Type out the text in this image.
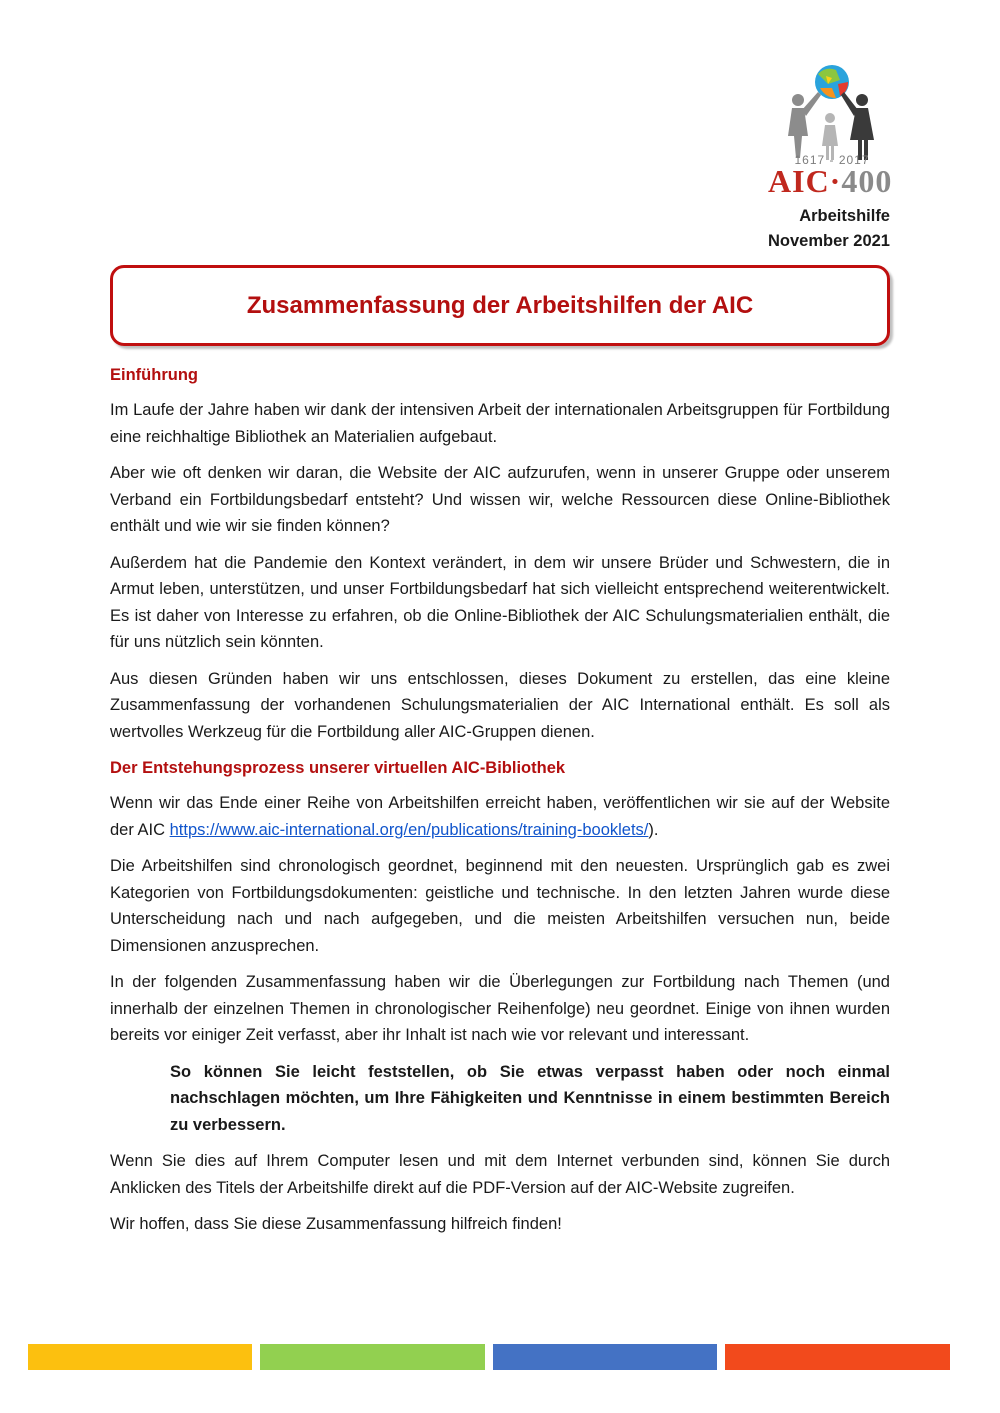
1617 - 2017
AIC·400
Arbeitshilfe
November 2021
Zusammenfassung der Arbeitshilfen der AIC
Einführung

Im Laufe der Jahre haben wir dank der intensiven Arbeit der internationalen Arbeitsgruppen für Fortbildung eine reichhaltige Bibliothek an Materialien aufgebaut.

Aber wie oft denken wir daran, die Website der AIC aufzurufen, wenn in unserer Gruppe oder unserem Verband ein Fortbildungsbedarf entsteht? Und wissen wir, welche Ressourcen diese Online-Bibliothek enthält und wie wir sie finden können?

Außerdem hat die Pandemie den Kontext verändert, in dem wir unsere Brüder und Schwestern, die in Armut leben, unterstützen, und unser Fortbildungsbedarf hat sich vielleicht entsprechend weiterentwickelt. Es ist daher von Interesse zu erfahren, ob die Online-Bibliothek der AIC Schulungsmaterialien enthält, die für uns nützlich sein könnten.

Aus diesen Gründen haben wir uns entschlossen, dieses Dokument zu erstellen, das eine kleine Zusammenfassung der vorhandenen Schulungsmaterialien der AIC International enthält. Es soll als wertvolles Werkzeug für die Fortbildung aller AIC-Gruppen dienen.

Der Entstehungsprozess unserer virtuellen AIC-Bibliothek

Wenn wir das Ende einer Reihe von Arbeitshilfen erreicht haben, veröffentlichen wir sie auf der Website der AIC https://www.aic-international.org/en/publications/training-booklets/).

Die Arbeitshilfen sind chronologisch geordnet, beginnend mit den neuesten. Ursprünglich gab es zwei Kategorien von Fortbildungsdokumenten: geistliche und technische. In den letzten Jahren wurde diese Unterscheidung nach und nach aufgegeben, und die meisten Arbeitshilfen versuchen nun, beide Dimensionen anzusprechen.

In der folgenden Zusammenfassung haben wir die Überlegungen zur Fortbildung nach Themen (und innerhalb der einzelnen Themen in chronologischer Reihenfolge) neu geordnet. Einige von ihnen wurden bereits vor einiger Zeit verfasst, aber ihr Inhalt ist nach wie vor relevant und interessant.

So können Sie leicht feststellen, ob Sie etwas verpasst haben oder noch einmal nachschlagen möchten, um Ihre Fähigkeiten und Kenntnisse in einem bestimmten Bereich zu verbessern.

Wenn Sie dies auf Ihrem Computer lesen und mit dem Internet verbunden sind, können Sie durch Anklicken des Titels der Arbeitshilfe direkt auf die PDF-Version auf der AIC-Website zugreifen.

Wir hoffen, dass Sie diese Zusammenfassung hilfreich finden!
